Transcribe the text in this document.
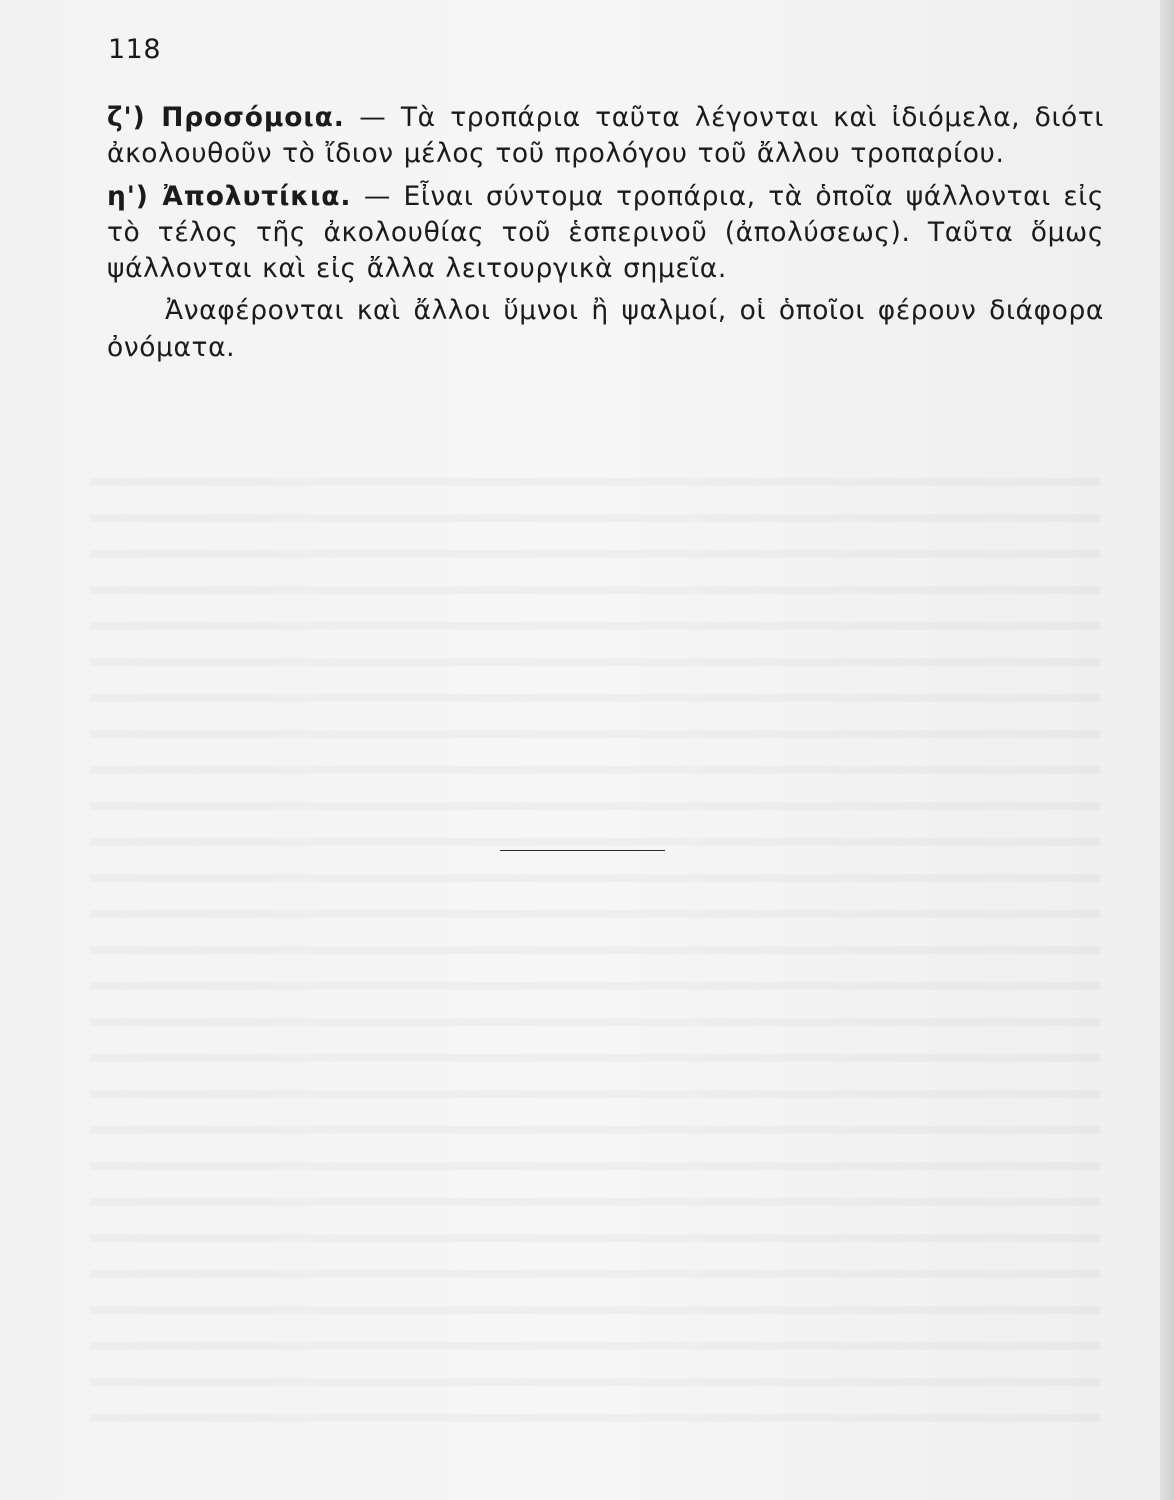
118

ζ') Προσόμοια. — Τὰ τροπάρια ταῦτα λέγονται καὶ ἰδιόμελα, διότι ἀκολουθοῦν τὸ ἴδιον μέλος τοῦ προλόγου τοῦ ἄλλου τροπαρίου.

η') Ἀπολυτίκια. — Εἶναι σύντομα τροπάρια, τὰ ὁποῖα ψάλλονται εἰς τὸ τέλος τῆς ἀκολουθίας τοῦ ἑσπερινοῦ (ἀπολύσεως). Ταῦτα ὅμως ψάλλονται καὶ εἰς ἄλλα λειτουργικὰ σημεῖα.

Ἀναφέρονται καὶ ἄλλοι ὕμνοι ἢ ψαλμοί, οἱ ὁποῖοι φέρουν διάφορα ὀνόματα.
